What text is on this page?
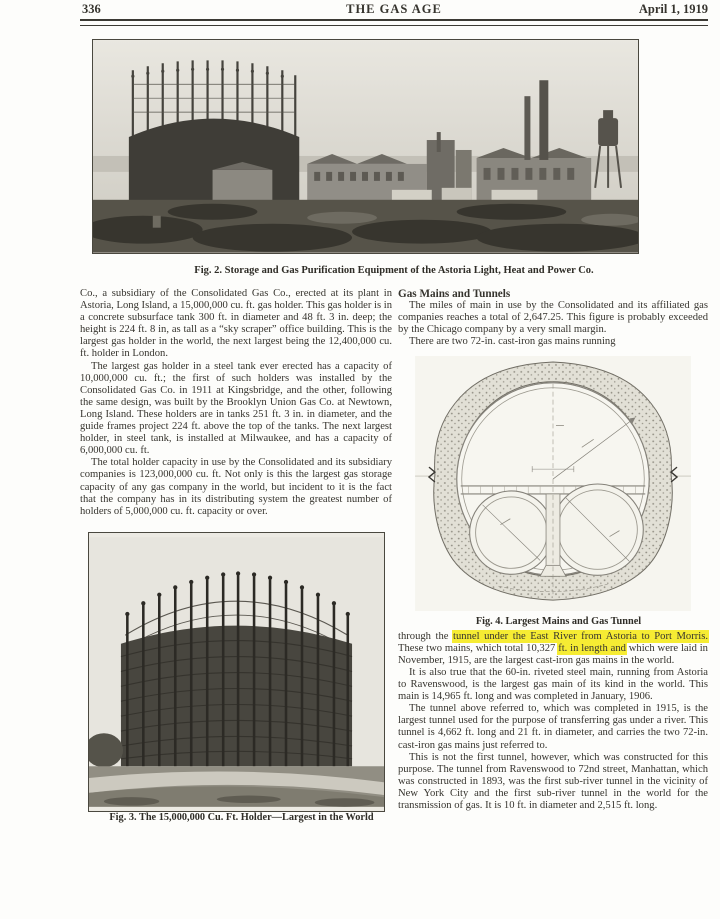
336	THE GAS AGE	April 1, 1919
Fig. 2. Storage and Gas Purification Equipment of the Astoria Light, Heat and Power Co.

Co., a subsidiary of the Consolidated Gas Co., erected at its plant in Astoria, Long Island, a 15,000,000 cu. ft. gas holder. This gas holder is in a concrete subsurface tank 300 ft. in diameter and 48 ft. 3 in. deep; the height is 224 ft. 8 in, as tall as a “sky scraper” office building. This is the largest gas holder in the world, the next largest being the 12,400,000 cu. ft. holder in London.

The largest gas holder in a steel tank ever erected has a capacity of 10,000,000 cu. ft.; the first of such holders was installed by the Consolidated Gas Co. in 1911 at Kingsbridge, and the other, following the same design, was built by the Brooklyn Union Gas Co. at Newtown, Long Island. These holders are in tanks 251 ft. 3 in. in diameter, and the guide frames project 224 ft. above the top of the tanks. The next largest holder, in steel tank, is installed at Milwaukee, and has a capacity of 6,000,000 cu. ft.

The total holder capacity in use by the Consolidated and its subsidiary companies is 123,000,000 cu. ft. Not only is this the largest gas storage capacity of any gas company in the world, but incident to it is the fact that the company has in its distributing system the greatest number of holders of 5,000,000 cu. ft. capacity or over.

Fig. 3. The 15,000,000 Cu. Ft. Holder—Largest in the World

Gas Mains and Tunnels

The miles of main in use by the Consolidated and its affiliated gas companies reaches a total of 2,647.25. This figure is probably exceeded by the Chicago company by a very small margin.

There are two 72-in. cast-iron gas mains running

Fig. 4. Largest Mains and Gas Tunnel

through the tunnel under the East River from Astoria to Port Morris. These two mains, which total 10,327 ft. in length and which were laid in November, 1915, are the largest cast-iron gas mains in the world.

It is also true that the 60-in. riveted steel main, running from Astoria to Ravenswood, is the largest gas main of its kind in the world. This main is 14,965 ft. long and was completed in January, 1906.

The tunnel above referred to, which was completed in 1915, is the largest tunnel used for the purpose of transferring gas under a river. This tunnel is 4,662 ft. long and 21 ft. in diameter, and carries the two 72-in. cast-iron gas mains just referred to.

This is not the first tunnel, however, which was constructed for this purpose. The tunnel from Ravenswood to 72nd street, Manhattan, which was constructed in 1893, was the first sub-river tunnel in the vicinity of New York City and the first sub-river tunnel in the world for the transmission of gas. It is 10 ft. in diameter and 2,515 ft. long.
